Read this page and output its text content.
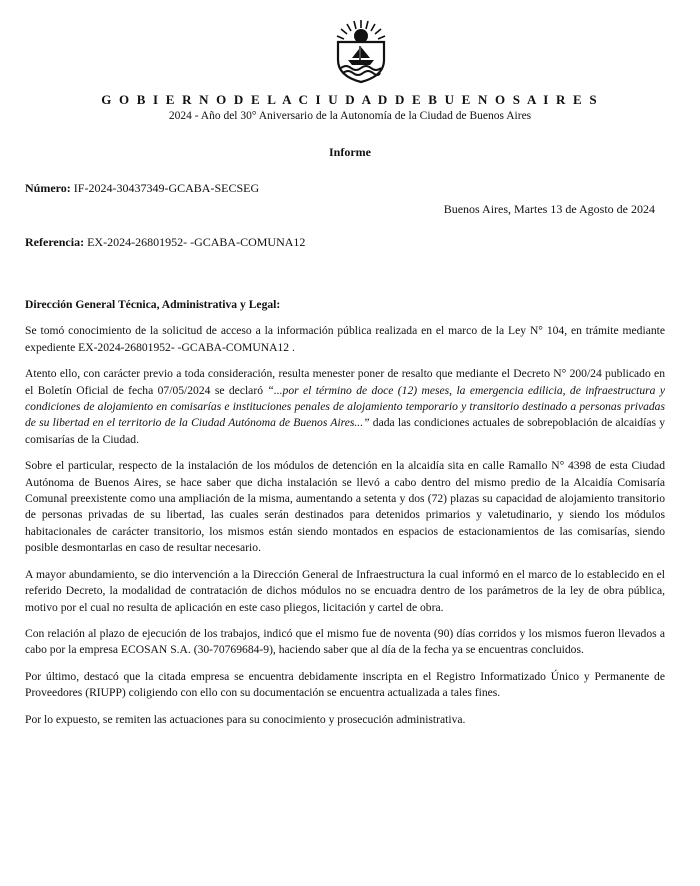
G O B I E R N O D E L A C I U D A D D E B U E N O S A I R E S
2024 - Año del 30° Aniversario de la Autonomía de la Ciudad de Buenos Aires
Informe
Número: IF-2024-30437349-GCABA-SECSEG
Buenos Aires, Martes 13 de Agosto de 2024
Referencia: EX-2024-26801952- -GCABA-COMUNA12

Dirección General Técnica, Administrativa y Legal:

Se tomó conocimiento de la solicitud de acceso a la información pública realizada en el marco de la Ley N° 104, en trámite mediante expediente EX-2024-26801952- -GCABA-COMUNA12 .

Atento ello, con carácter previo a toda consideración, resulta menester poner de resalto que mediante el Decreto N° 200/24 publicado en el Boletín Oficial de fecha 07/05/2024 se declaró “...por el término de doce (12) meses, la emergencia edilicia, de infraestructura y condiciones de alojamiento en comisarías e instituciones penales de alojamiento temporario y transitorio destinado a personas privadas de su libertad en el territorio de la Ciudad Autónoma de Buenos Aires...” dada las condiciones actuales de sobrepoblación de alcaidías y comisarías de la Ciudad.

Sobre el particular, respecto de la instalación de los módulos de detención en la alcaidía sita en calle Ramallo N° 4398 de esta Ciudad Autónoma de Buenos Aires, se hace saber que dicha instalación se llevó a cabo dentro del mismo predio de la Alcaidía Comisaría Comunal preexistente como una ampliación de la misma, aumentando a setenta y dos (72) plazas su capacidad de alojamiento transitorio de personas privadas de su libertad, las cuales serán destinados para detenidos primarios y valetudinario, y siendo los módulos habitacionales de carácter transitorio, los mismos están siendo montados en espacios de estacionamientos de las comisarías, siendo posible desmontarlas en caso de resultar necesario.

A mayor abundamiento, se dio intervención a la Dirección General de Infraestructura la cual informó en el marco de lo establecido en el referido Decreto, la modalidad de contratación de dichos módulos no se encuadra dentro de los parámetros de la ley de obra pública, motivo por el cual no resulta de aplicación en este caso pliegos, licitación y cartel de obra.

Con relación al plazo de ejecución de los trabajos, indicó que el mismo fue de noventa (90) días corridos y los mismos fueron llevados a cabo por la empresa ECOSAN S.A. (30-70769684-9), haciendo saber que al día de la fecha ya se encuentras concluidos.

Por último, destacó que la citada empresa se encuentra debidamente inscripta en el Registro Informatizado Único y Permanente de Proveedores (RIUPP) coligiendo con ello con su documentación se encuentra actualizada a tales fines.

Por lo expuesto, se remiten las actuaciones para su conocimiento y prosecución administrativa.
